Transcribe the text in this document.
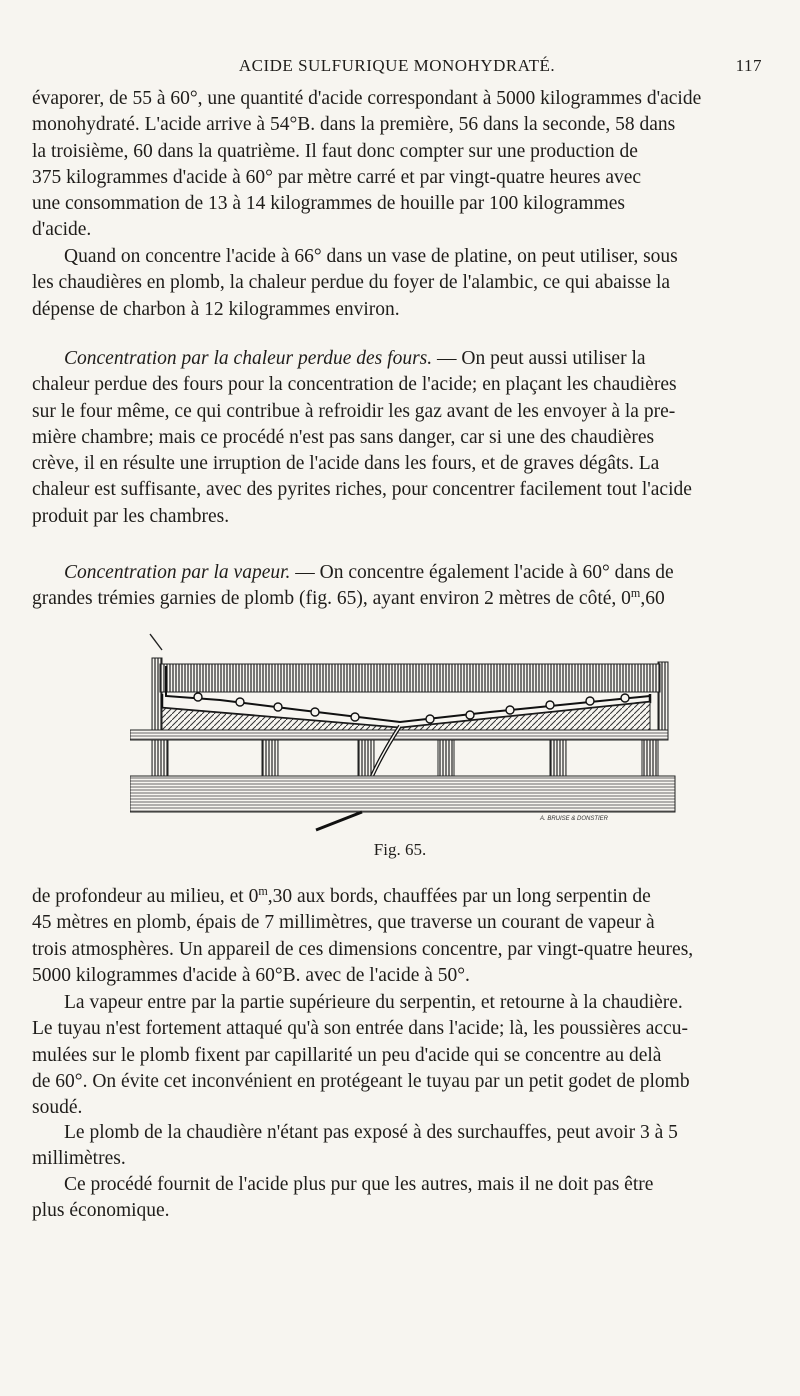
ACIDE SULFURIQUE MONOHYDRATÉ.	117

évaporer, de 55 à 60°, une quantité d'acide correspondant à 5000 kilogrammes d'acide

monohydraté. L'acide arrive à 54°B. dans la première, 56 dans la seconde, 58 dans

la troisième, 60 dans la quatrième. Il faut donc compter sur une production de

375 kilogrammes d'acide à 60° par mètre carré et par vingt-quatre heures avec

une consommation de 13 à 14 kilogrammes de houille par 100 kilogrammes

d'acide.

Quand on concentre l'acide à 66° dans un vase de platine, on peut utiliser, sous

les chaudières en plomb, la chaleur perdue du foyer de l'alambic, ce qui abaisse la

dépense de charbon à 12 kilogrammes environ.

Concentration par la chaleur perdue des fours. — On peut aussi utiliser la

chaleur perdue des fours pour la concentration de l'acide; en plaçant les chaudières

sur le four même, ce qui contribue à refroidir les gaz avant de les envoyer à la pre-

mière chambre; mais ce procédé n'est pas sans danger, car si une des chaudières

crève, il en résulte une irruption de l'acide dans les fours, et de graves dégâts. La

chaleur est suffisante, avec des pyrites riches, pour concentrer facilement tout l'acide

produit par les chambres.

Concentration par la vapeur. — On concentre également l'acide à 60° dans de

grandes trémies garnies de plomb (fig. 65), ayant environ 2 mètres de côté, 0$^m$,60

A. BRUISE & DONSTIER
Fig. 65.

de profondeur au milieu, et 0$^m$,30 aux bords, chauffées par un long serpentin de

45 mètres en plomb, épais de 7 millimètres, que traverse un courant de vapeur à

trois atmosphères. Un appareil de ces dimensions concentre, par vingt-quatre heures,

5000 kilogrammes d'acide à 60°B. avec de l'acide à 50°.

La vapeur entre par la partie supérieure du serpentin, et retourne à la chaudière.

Le tuyau n'est fortement attaqué qu'à son entrée dans l'acide; là, les poussières accu-

mulées sur le plomb fixent par capillarité un peu d'acide qui se concentre au delà

de 60°. On évite cet inconvénient en protégeant le tuyau par un petit godet de plomb

soudé.

Le plomb de la chaudière n'étant pas exposé à des surchauffes, peut avoir 3 à 5

millimètres.

Ce procédé fournit de l'acide plus pur que les autres, mais il ne doit pas être

plus économique.
